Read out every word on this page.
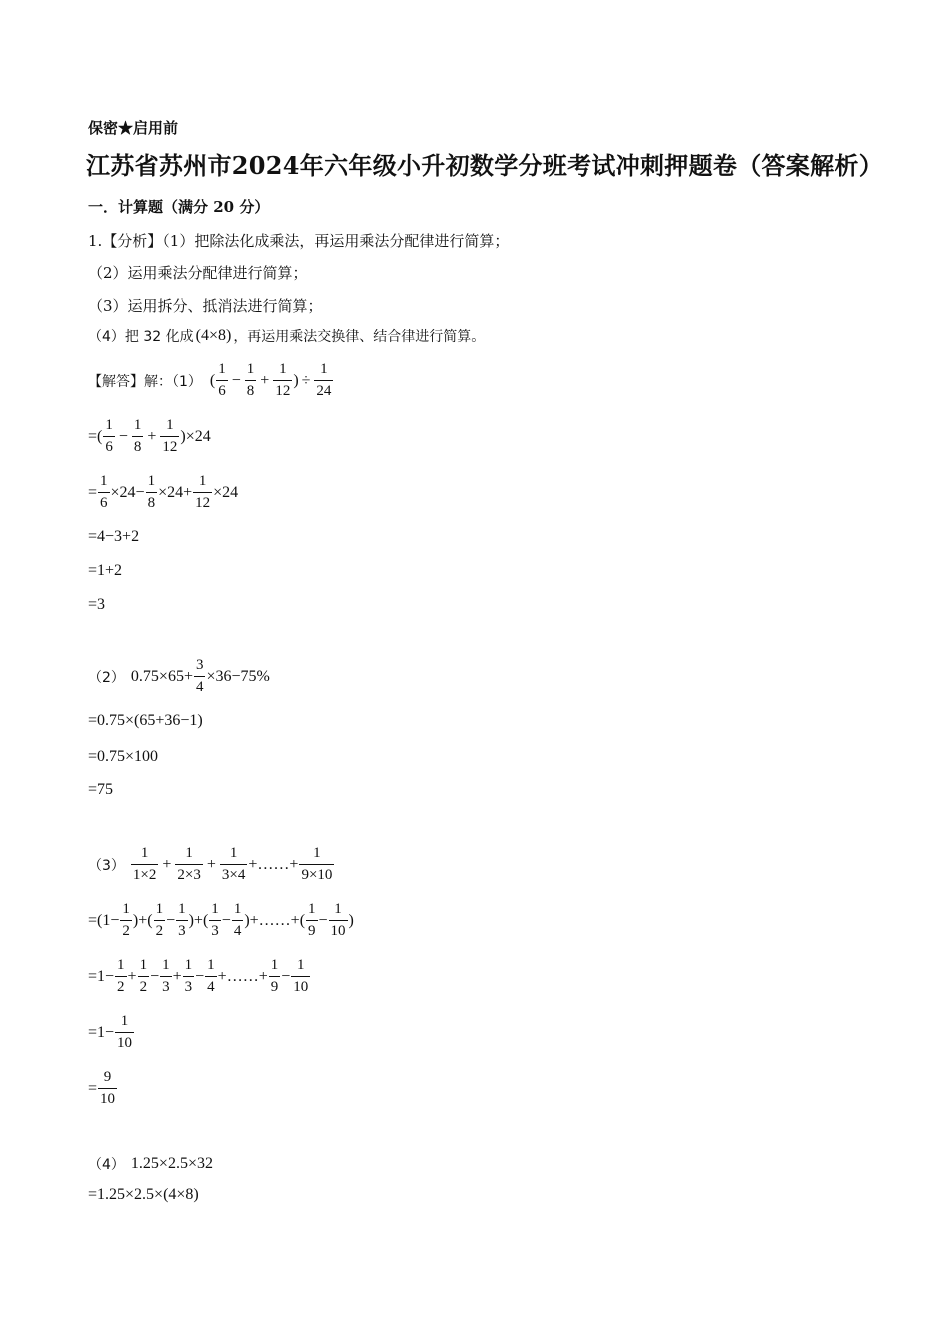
保密★启用前
江苏省苏州市2024年六年级小升初数学分班考试冲刺押题卷（答案解析）
一．计算题（满分 20 分）
1.【分析】（1）把除法化成乘法，再运用乘法分配律进行简算；
（2）运用乘法分配律进行简算；
（3）运用拆分、抵消法进行简算；
（4）把 32 化成 (4×8) ，再运用乘法交换律、结合律进行简算。
【解答】解：（1） ( $\frac{1}{6} - \frac{1}{8} + \frac{1}{12}$ ) ÷ $\frac{1}{24}$
=( $\frac{1}{6} - \frac{1}{8} + \frac{1}{12} )\times 24$
= $\frac{1}{6} \times 24- \frac{1}{8} \times 24+ \frac{1}{12} \times 24$
=4−3+2
=1+2
=3
（2） $0.75\times 65+ \frac{3}{4} \times 36-75\%$
=0.75×(65+36−1)
=0.75×100
=75
$(3) \frac{1}{1\times 2} + \frac{1}{2\times 3} + \frac{1}{3\times 4}$ +……+ $\frac{1}{9\times 10}$
$=(1- \frac{1}{2}$ )+( $\frac{1}{2} - \frac{1}{3}$ )+( $\frac{1}{3} - \frac{1}{4}$ )+……+( $\frac{1}{9} - \frac{1}{10}$ )
$=1- \frac{1}{2} + \frac{1}{2} - \frac{1}{3} + \frac{1}{3} - \frac{1}{4}$ +……+ $\frac{1}{9} - \frac{1}{10}$
$=1- \frac{1}{10}$
= $\frac{9}{10}$
（4） 1.25×2.5×32
=1.25×2.5×(4×8)
